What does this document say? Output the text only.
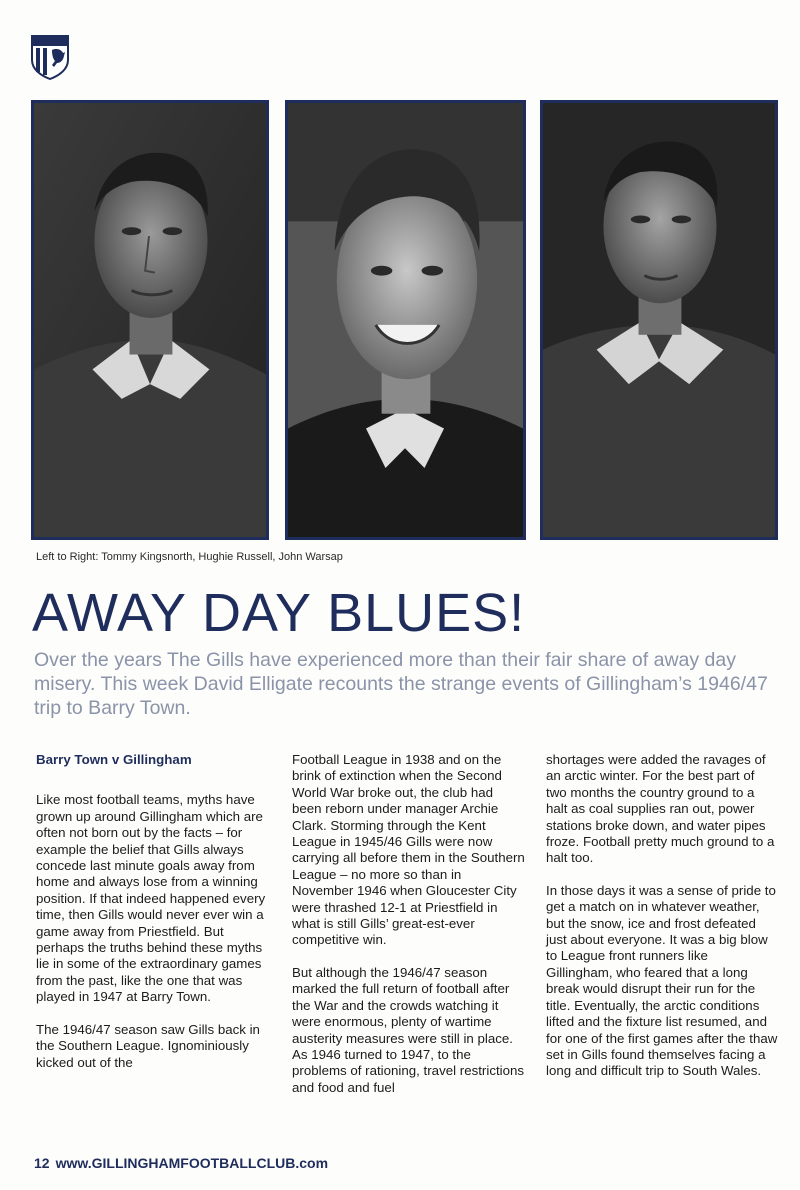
Left to Right: Tommy Kingsnorth, Hughie Russell, John Warsap
AWAY DAY BLUES!
Over the years The Gills have experienced more than their fair share of away day misery. This week David Elligate recounts the strange events of Gillingham’s 1946/47 trip to Barry Town.

Barry Town v Gillingham

Like most football teams, myths have grown up around Gillingham which are often not born out by the facts – for example the belief that Gills always concede last minute goals away from home and always lose from a winning position. If that indeed happened every time, then Gills would never ever win a game away from Priestfield. But perhaps the truths behind these myths lie in some of the extraordinary games from the past, like the one that was played in 1947 at Barry Town.

The 1946/47 season saw Gills back in the Southern League. Ignominiously kicked out of the

Football League in 1938 and on the brink of extinction when the Second World War broke out, the club had been reborn under manager Archie Clark. Storming through the Kent League in 1945/46 Gills were now carrying all before them in the Southern League – no more so than in November 1946 when Gloucester City were thrashed 12-1 at Priestfield in what is still Gills’ great-est-ever competitive win.

But although the 1946/47 season marked the full return of football after the War and the crowds watching it were enormous, plenty of wartime austerity measures were still in place. As 1946 turned to 1947, to the problems of rationing, travel restrictions and food and fuel

shortages were added the ravages of an arctic winter. For the best part of two months the country ground to a halt as coal supplies ran out, power stations broke down, and water pipes froze. Football pretty much ground to a halt too.

In those days it was a sense of pride to get a match on in whatever weather, but the snow, ice and frost defeated just about everyone. It was a big blow to League front runners like Gillingham, who feared that a long break would disrupt their run for the title. Eventually, the arctic conditions lifted and the fixture list resumed, and for one of the first games after the thaw set in Gills found themselves facing a long and difficult trip to South Wales.

12 www.GILLINGHAMFOOTBALLCLUB.com
